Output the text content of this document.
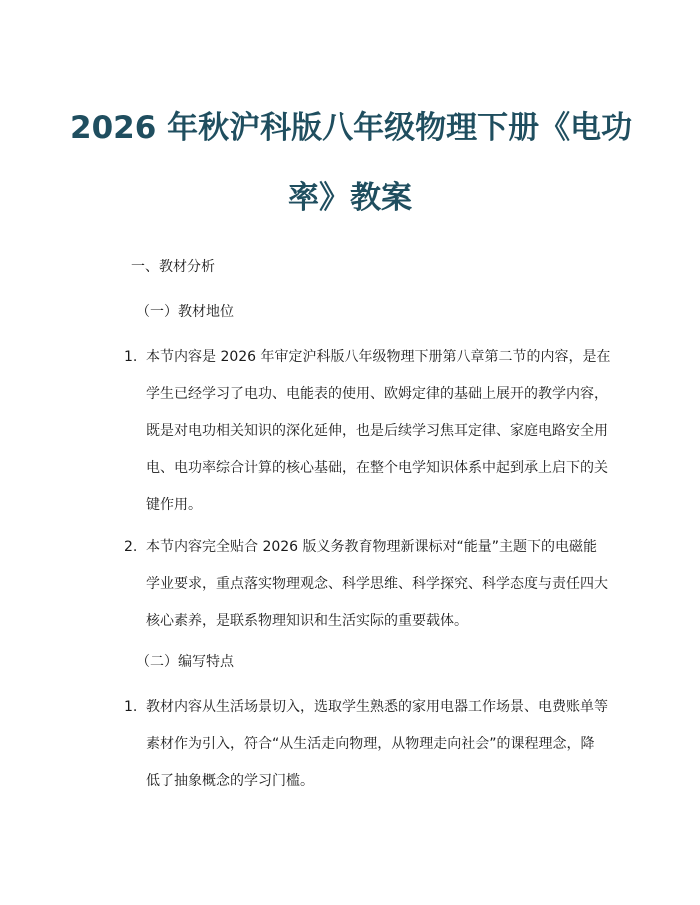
2026 年秋沪科版八年级物理下册《电功
率》教案
一、教材分析
（一）教材地位
1. 本节内容是 2026 年审定沪科版八年级物理下册第八章第二节的内容，是在
学生已经学习了电功、电能表的使用、欧姆定律的基础上展开的教学内容，
既是对电功相关知识的深化延伸，也是后续学习焦耳定律、家庭电路安全用
电、电功率综合计算的核心基础，在整个电学知识体系中起到承上启下的关
键作用。
2. 本节内容完全贴合 2026 版义务教育物理新课标对“能量”主题下的电磁能
学业要求，重点落实物理观念、科学思维、科学探究、科学态度与责任四大
核心素养，是联系物理知识和生活实际的重要载体。
（二）编写特点
1. 教材内容从生活场景切入，选取学生熟悉的家用电器工作场景、电费账单等
素材作为引入，符合“从生活走向物理，从物理走向社会”的课程理念，降
低了抽象概念的学习门槛。
